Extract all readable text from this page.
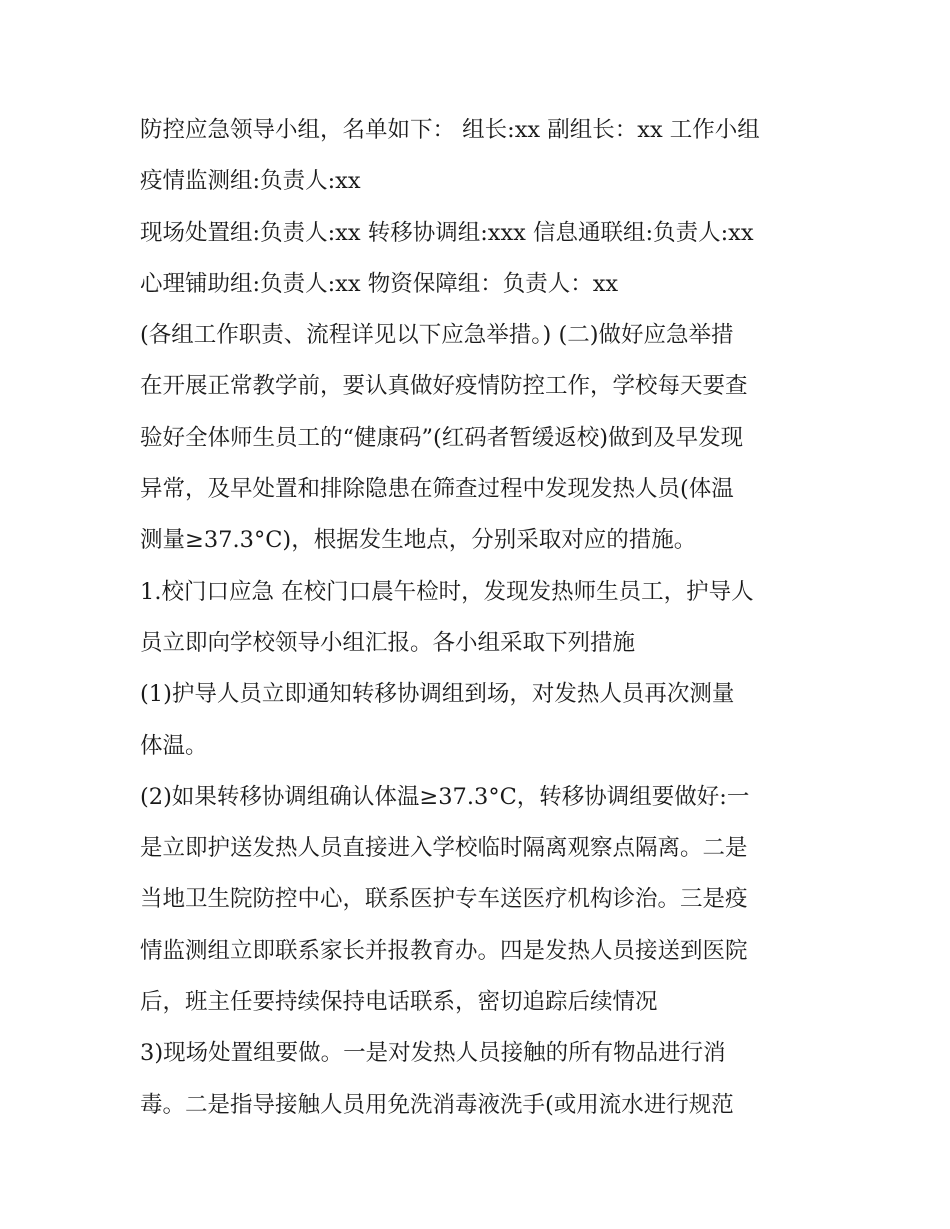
防控应急领导小组，名单如下： 组长:xx 副组长：xx 工作小组
疫情监测组:负责人:xx
现场处置组:负责人:xx 转移协调组:xxx 信息通联组:负责人:xx
心理铺助组:负责人:xx 物资保障组：负责人：xx
(各组工作职责、流程详见以下应急举措。) (二)做好应急举措
在开展正常教学前，要认真做好疫情防控工作，学校每天要查
验好全体师生员工的“健康码”(红码者暂缓返校)做到及早发现
异常，及早处置和排除隐患在筛查过程中发现发热人员(体温
测量≥37.3°C)，根据发生地点，分别采取对应的措施。
1.校门口应急 在校门口晨午检时，发现发热师生员工，护导人
员立即向学校领导小组汇报。各小组采取下列措施
(1)护导人员立即通知转移协调组到场，对发热人员再次测量
体温。
(2)如果转移协调组确认体温≥37.3°C，转移协调组要做好:一
是立即护送发热人员直接进入学校临时隔离观察点隔离。二是
当地卫生院防控中心，联系医护专车送医疗机构诊治。三是疫
情监测组立即联系家长并报教育办。四是发热人员接送到医院
后，班主任要持续保持电话联系，密切追踪后续情况
3)现场处置组要做。一是对发热人员接触的所有物品进行消
毒。二是指导接触人员用免洗消毒液洗手(或用流水进行规范
